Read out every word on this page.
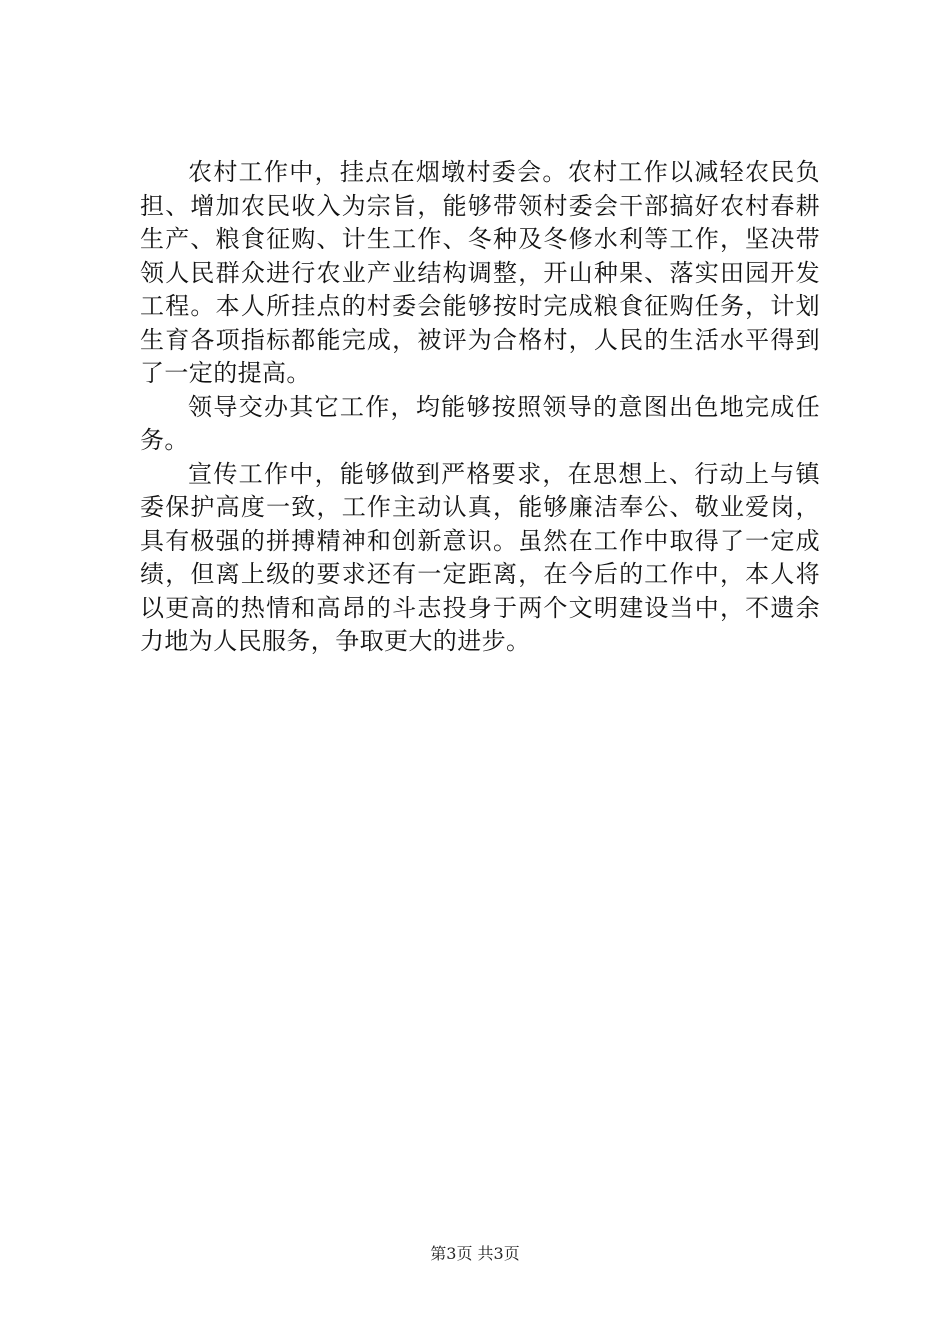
农村工作中，挂点在烟墩村委会。农村工作以减轻农民负担、增加农民收入为宗旨，能够带领村委会干部搞好农村春耕生产、粮食征购、计生工作、冬种及冬修水利等工作，坚决带领人民群众进行农业产业结构调整，开山种果、落实田园开发工程。本人所挂点的村委会能够按时完成粮食征购任务，计划生育各项指标都能完成，被评为合格村，人民的生活水平得到了一定的提高。

领导交办其它工作，均能够按照领导的意图出色地完成任务。

宣传工作中，能够做到严格要求，在思想上、行动上与镇委保护高度一致，工作主动认真，能够廉洁奉公、敬业爱岗，具有极强的拼搏精神和创新意识。虽然在工作中取得了一定成绩，但离上级的要求还有一定距离，在今后的工作中，本人将以更高的热情和高昂的斗志投身于两个文明建设当中，不遗余力地为人民服务，争取更大的进步。

第3页 共3页
